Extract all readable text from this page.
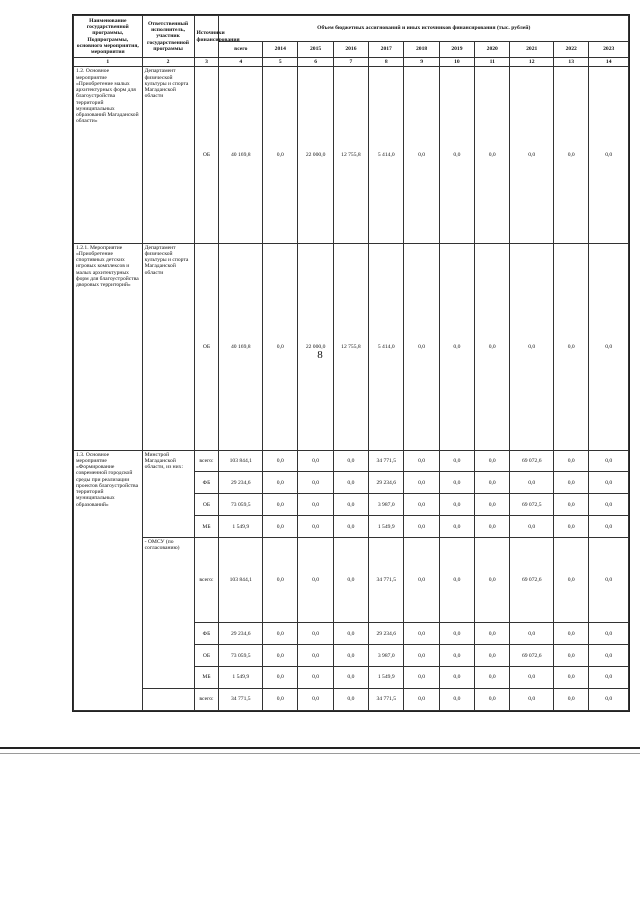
8
Наименование государственной программы, Подпрограммы, основного мероприятия, мероприятия	Ответственный исполнитель, участник государственной программы	Источники финансирования	Объем бюджетных ассигнований и иных источников финансирования (тыс. рублей)										
			всего	2014	2015	2016	2017	2018	2019	2020	2021	2022	2023
1	2	3	4	5	6	7	8	9	10	11	12	13	14
1.2. Основное мероприятие «Приобретение малых архитектурных форм для благоустройства территорий муниципальных образований Магаданской области»	Департамент физической культуры и спорта Магаданской области	ОБ	40 169,8	0,0	22 000,0	12 755,8	5 414,0	0,0	0,0	0,0	0,0	0,0	0,0
1.2.1. Мероприятие «Приобретение спортивных детских игровых комплексов и малых архитектурных форм для благоустройства дворовых территорий»	Департамент физической культуры и спорта Магаданской области	ОБ	40 169,8	0,0	22 000,0	12 755,8	5 414,0	0,0	0,0	0,0	0,0	0,0	0,0
1.3. Основное мероприятие «Формирование современной городской среды при реализации проектов благоустройства территорий муниципальных образований»	Минстрой Магаданской области, из них:	всего:	103 844,1	0,0	0,0	0,0	34 771,5	0,0	0,0	0,0	69 072,6	0,0	0,0
		ФБ	29 234,6	0,0	0,0	0,0	29 234,6	0,0	0,0	0,0	0,0	0,0	0,0
		ОБ	73 059,5	0,0	0,0	0,0	3 987,0	0,0	0,0	0,0	69 072,5	0,0	0,0
		МБ	1 549,9	0,0	0,0	0,0	1 549,9	0,0	0,0	0,0	0,0	0,0	0,0
	- ОМСУ (по согласованию)	всего:	103 844,1	0,0	0,0	0,0	34 771,5	0,0	0,0	0,0	69 072,6	0,0	0,0
		ФБ	29 234,6	0,0	0,0	0,0	29 234,6	0,0	0,0	0,0	0,0	0,0	0,0
		ОБ	73 059,5	0,0	0,0	0,0	3 987,0	0,0	0,0	0,0	69 072,6	0,0	0,0
		МБ	1 549,9	0,0	0,0	0,0	1 549,9	0,0	0,0	0,0	0,0	0,0	0,0
		всего:	34 771,5	0,0	0,0	0,0	34 771,5	0,0	0,0	0,0	0,0	0,0	0,0
